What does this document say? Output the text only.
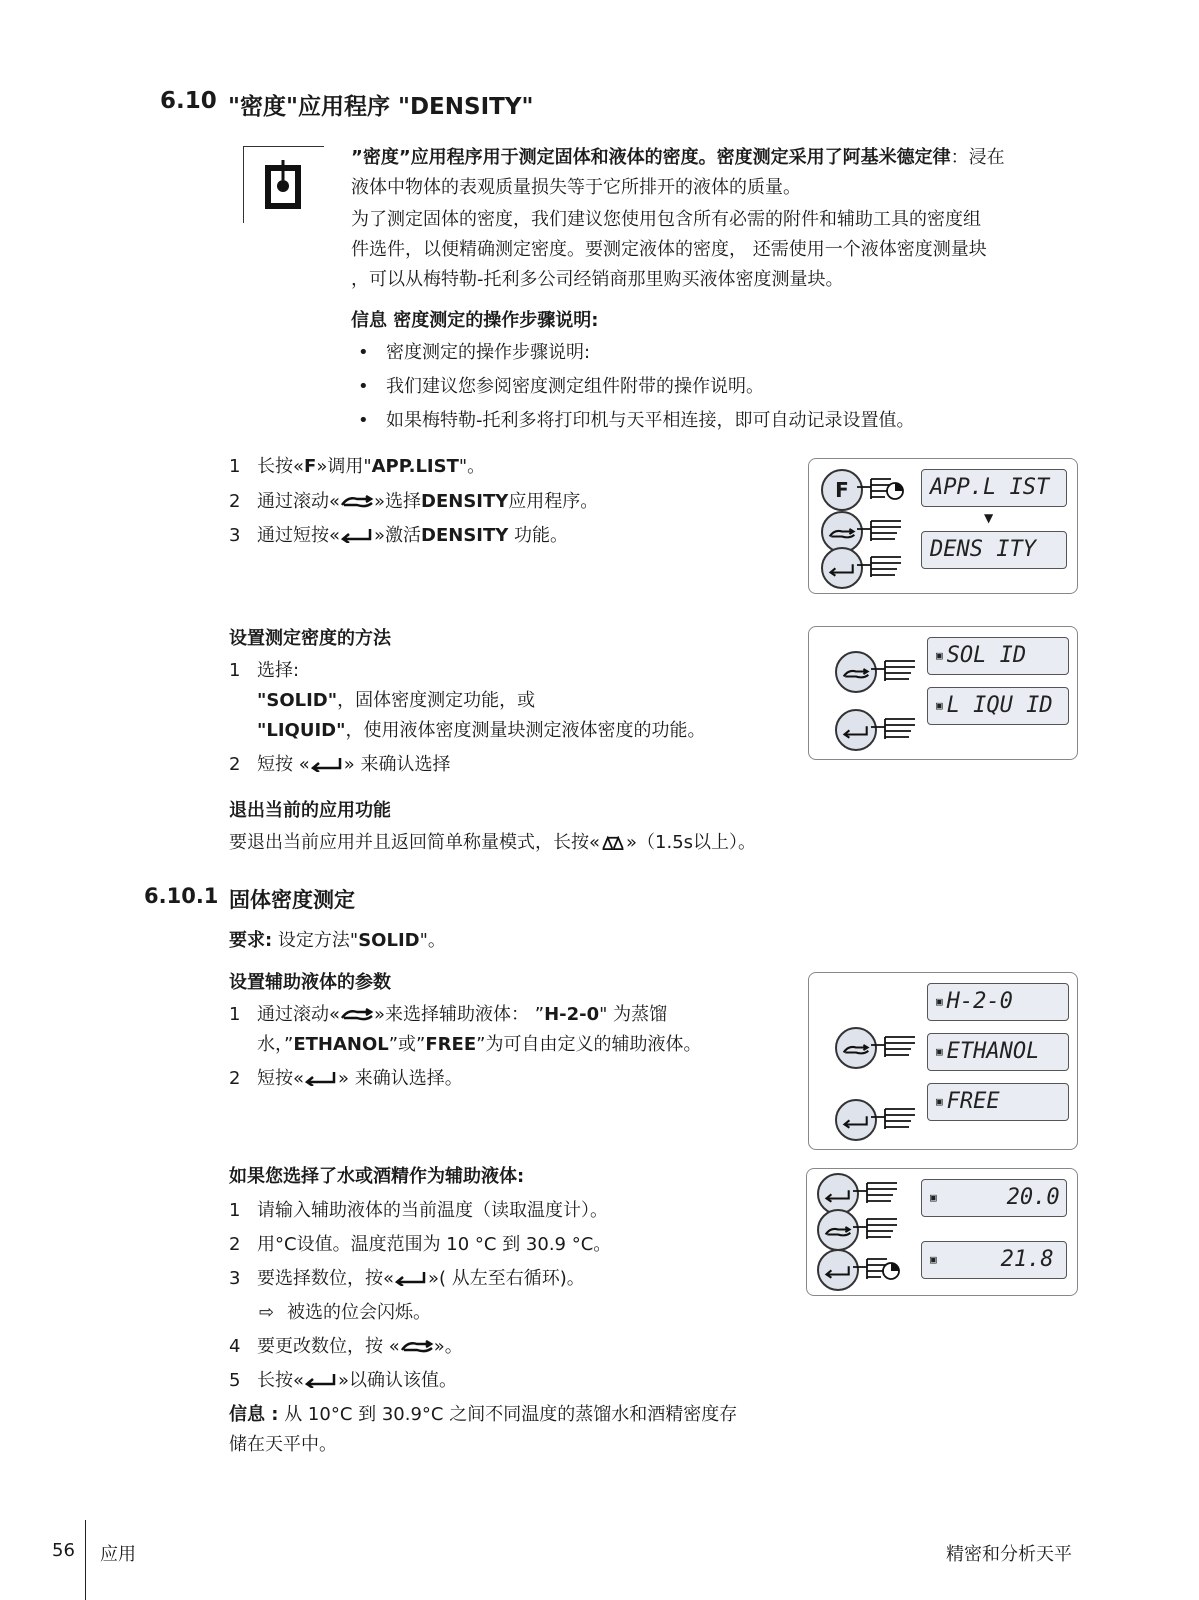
6.10 "密度"应用程序 "DENSITY"
”密度”应用程序用于测定固体和液体的密度。密度测定采用了阿基米德定律：浸在
液体中物体的表观质量损失等于它所排开的液体的质量。
为了测定固体的密度，我们建议您使用包含所有必需的附件和辅助工具的密度组
件选件，以便精确测定密度。要测定液体的密度， 还需使用一个液体密度测量块
，可以从梅特勒-托利多公司经销商那里购买液体密度测量块。
信息 密度测定的操作步骤说明:
• 密度测定的操作步骤说明:
• 我们建议您参阅密度测定组件附带的操作说明。
• 如果梅特勒-托利多将打印机与天平相连接，即可自动记录设置值。
1 长按«F»调用"APP.LIST"。
2 通过滚动« »选择DENSITY应用程序。
3 通过短按« »激活DENSITY 功能。
F	APP.L IST
▼
DENS ITY
设置测定密度的方法
1 选择:
"SOLID"，固体密度测定功能，或
"LIQUID"，使用液体密度测量块测定液体密度的功能。
2 短按 « » 来确认选择
▣ SOL ID
▣ L IQU ID
退出当前的应用功能
要退出当前应用并且返回简单称量模式，长按« »（1.5s以上）。
6.10.1 固体密度测定
要求: 设定方法"SOLID"。
设置辅助液体的参数
1 通过滚动« »来选择辅助液体： ”H-2-0" 为蒸馏
水，”ETHANOL”或”FREE”为可自由定义的辅助液体。
2 短按« » 来确认选择。
▣ H-2-0
▣ ETHANOL
▣ FREE
如果您选择了水或酒精作为辅助液体:
1 请输入辅助液体的当前温度（读取温度计）。
2 用°C设值。温度范围为 10 °C 到 30.9 °C。
3 要选择数位，按« »( 从左至右循环)。
⇨ 被选的位会闪烁。
4 要更改数位，按 « »。
5 长按« »以确认该值。
信息 : 从 10°C 到 30.9°C 之间不同温度的蒸馏水和酒精密度存
储在天平中。
▣	20.0
▣	21.8
56 应用	精密和分析天平
